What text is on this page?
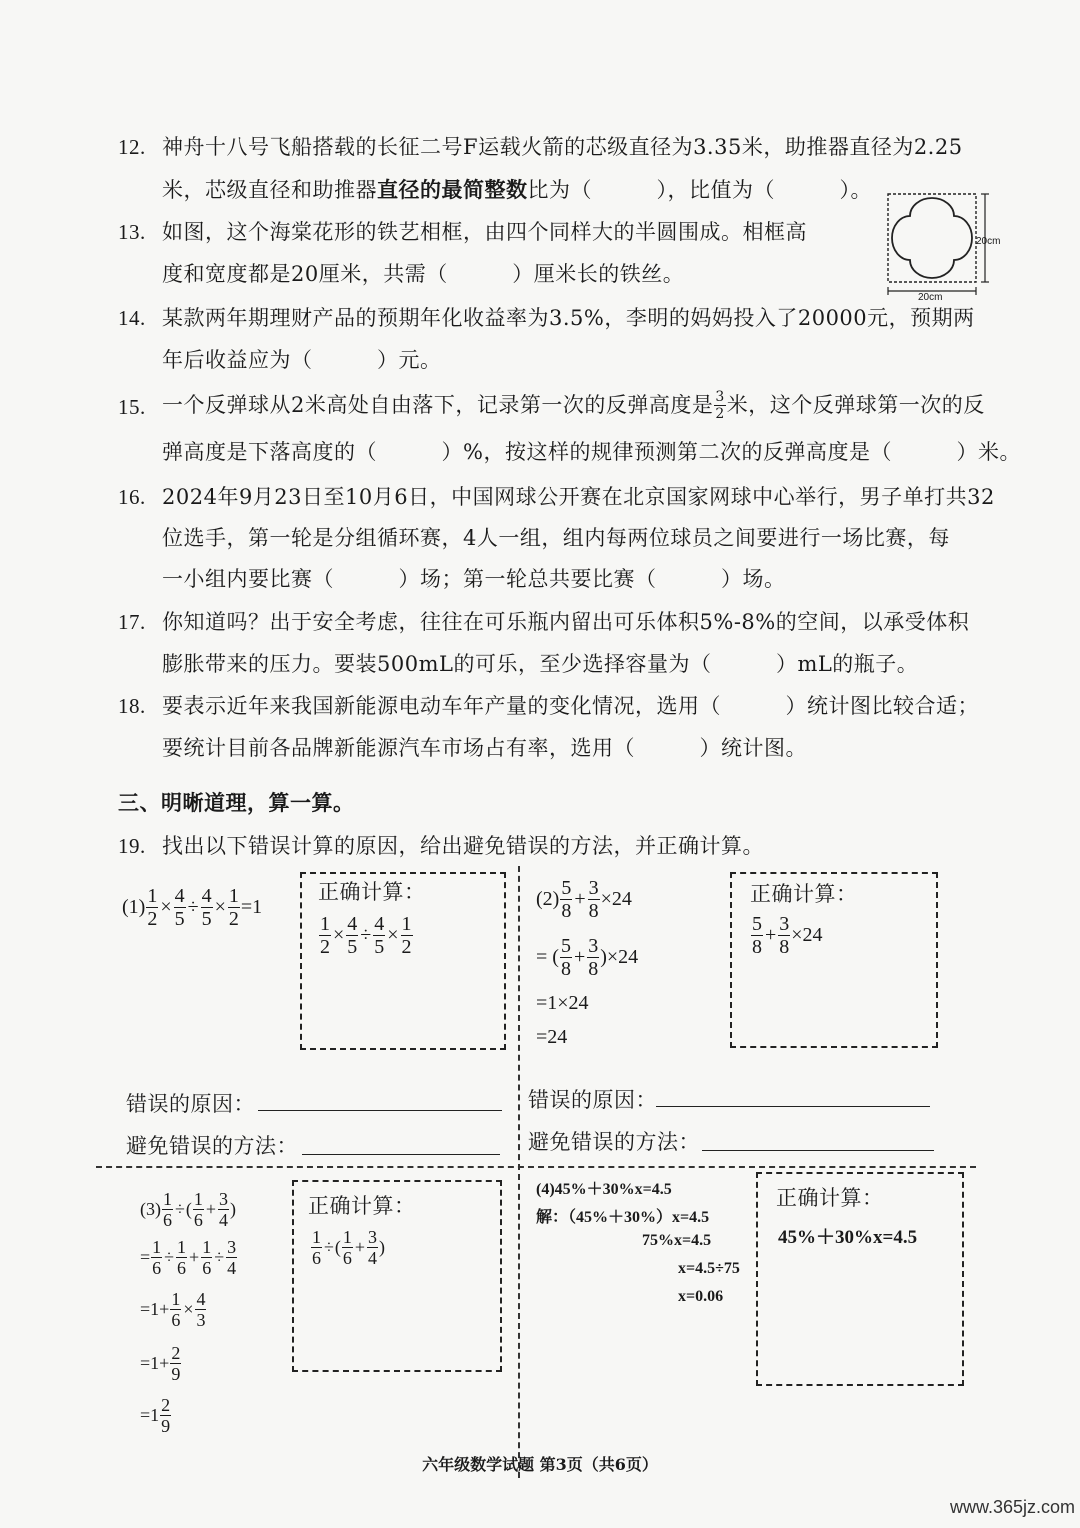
12. 神舟十八号飞船搭载的长征二号F运载火箭的芯级直径为3.35米，助推器直径为2.25
米，芯级直径和助推器直径的最简整数比为（　　　），比值为（　　　）。
13. 如图，这个海棠花形的铁艺相框，由四个同样大的半圆围成。相框高
度和宽度都是20厘米，共需（　　　）厘米长的铁丝。
20cm
20cm
14. 某款两年期理财产品的预期年化收益率为3.5%，李明的妈妈投入了20000元，预期两
年后收益应为（　　　）元。
15. 一个反弹球从2米高处自由落下，记录第一次的反弹高度是 $\frac{3}{2}$ 米，这个反弹球第一次的反
弹高度是下落高度的（　　　）%，按这样的规律预测第二次的反弹高度是（　　　）米。
16. 2024年9月23日至10月6日，中国网球公开赛在北京国家网球中心举行，男子单打共32
位选手，第一轮是分组循环赛，4人一组，组内每两位球员之间要进行一场比赛，每
一小组内要比赛（　　　）场；第一轮总共要比赛（　　　）场。
17. 你知道吗？出于安全考虑，往往在可乐瓶内留出可乐体积5%-8%的空间，以承受体积
膨胀带来的压力。要装500mL的可乐，至少选择容量为（　　　）mL的瓶子。
18. 要表示近年来我国新能源电动车年产量的变化情况，选用（　　　）统计图比较合适；
要统计目前各品牌新能源汽车市场占有率，选用（　　　）统计图。
三、明晰道理，算一算。
19. 找出以下错误计算的原因，给出避免错误的方法，并正确计算。
$(1) \frac{1}{2} \times \frac{4}{5} \div \frac{4}{5} \times \frac{1}{2} =1$
正确计算：
$\frac{1}{2} \times \frac{4}{5} \div \frac{4}{5} \times \frac{1}{2}$
错误的原因：
避免错误的方法：
$(2) \frac{5}{8} + \frac{3}{8} \times 24$
= ( $\frac{5}{8} + \frac{3}{8} )\times 24$
=1×24
=24
正确计算：
$\frac{5}{8} + \frac{3}{8} \times 24$
错误的原因：
避免错误的方法：
$(3) \frac{1}{6}$ ÷ ( $\frac{1}{6} + \frac{3}{4}$ )
= $\frac{1}{6} \div \frac{1}{6} + \frac{1}{6} \div \frac{3}{4}$
$=1+ \frac{1}{6} \times \frac{4}{3}$
$=1+ \frac{2}{9}$
$=1 \frac{2}{9}$
正确计算：
$\frac{1}{6}$ ÷ ( $\frac{1}{6} + \frac{3}{4}$ )
(4)45%＋30%x=4.5
解：（45%＋30%）x=4.5
75%x=4.5
x=4.5÷75
x=0.06
正确计算：
45%＋30%x=4.5
六年级数学试题 第3页（共6页）
www.365jz.com
